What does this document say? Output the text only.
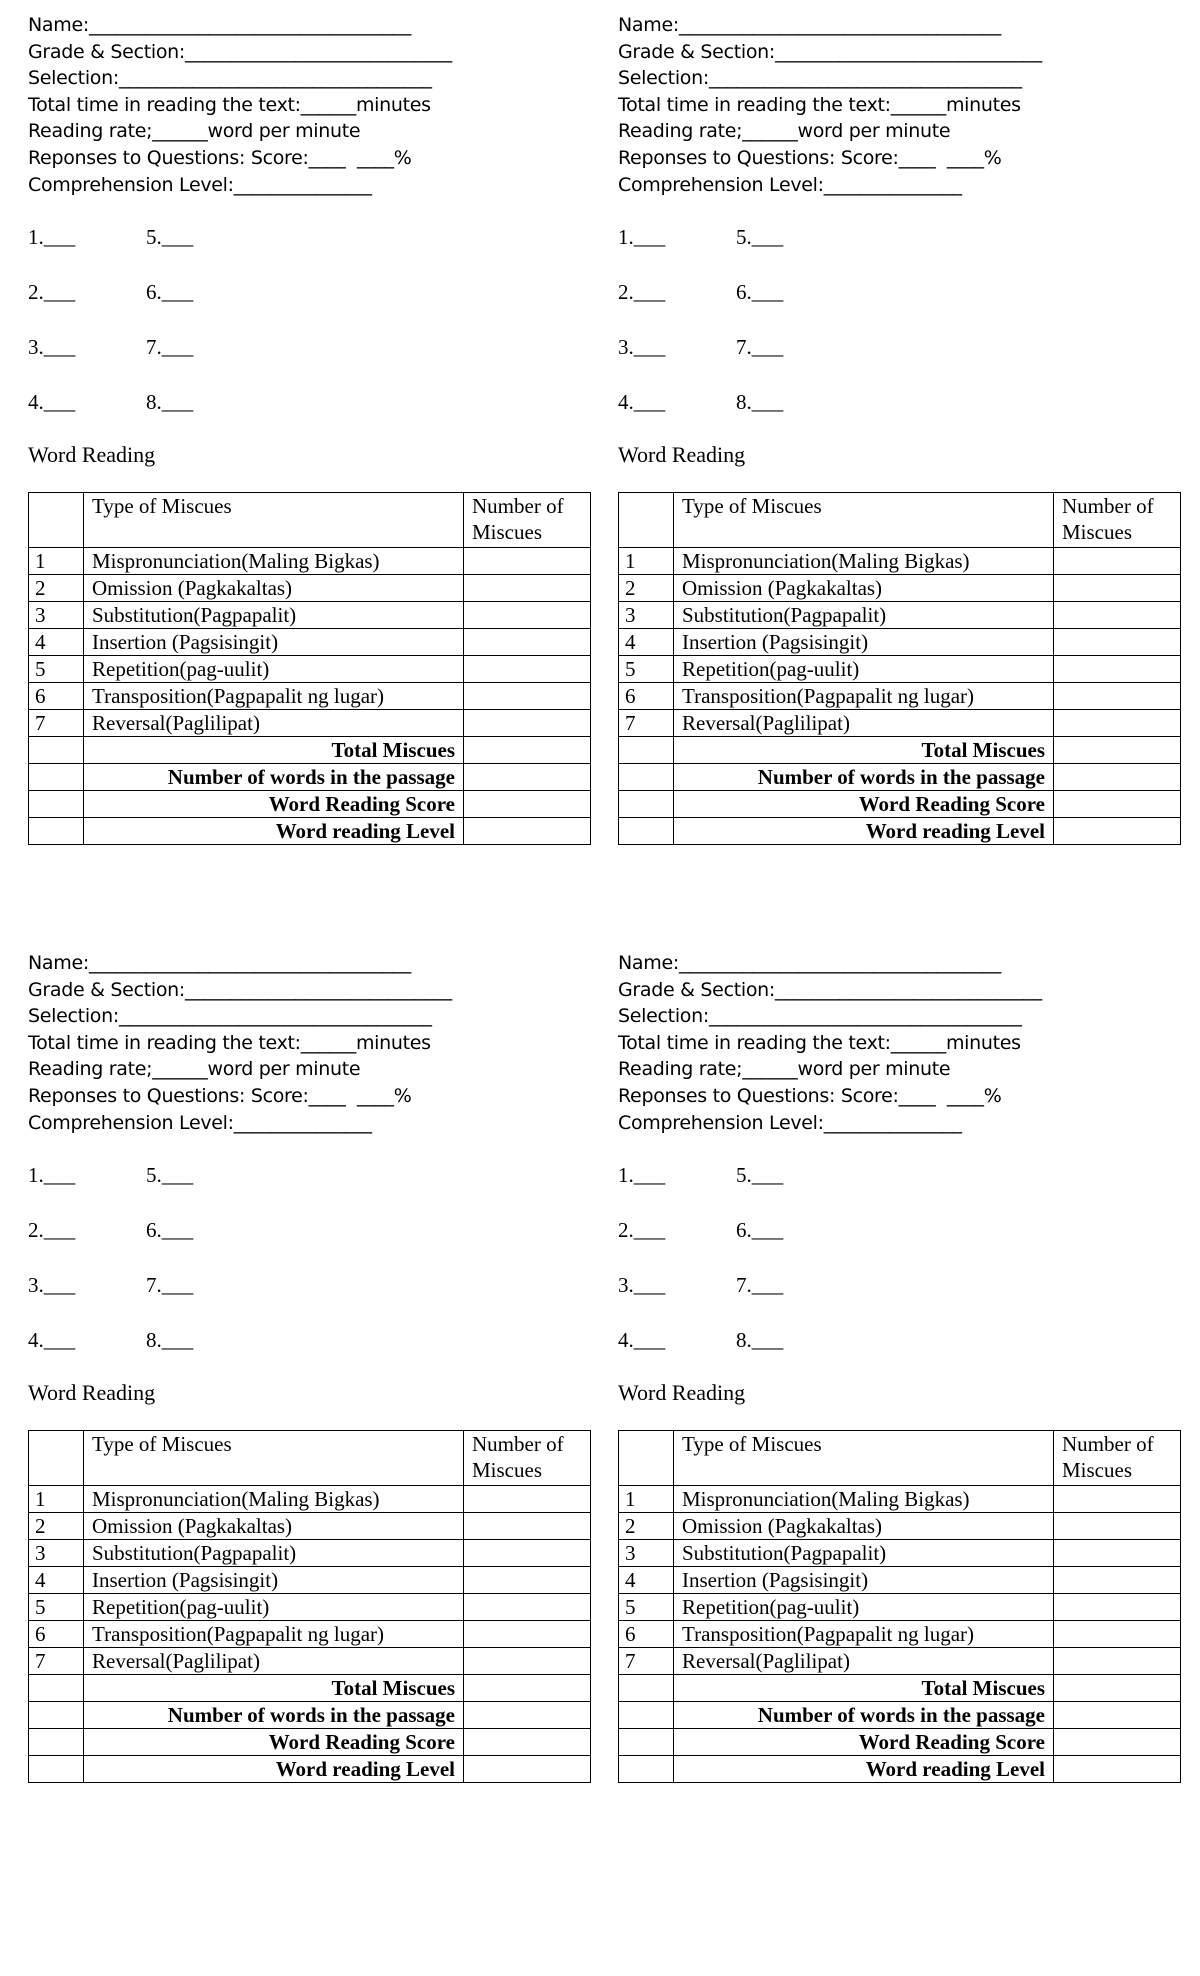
Name:___________________________________
Grade & Section:_____________________________
Selection:__________________________________
Total time in reading the text:______minutes
Reading rate;______word per minute
Reponses to Questions: Score:____  ____%
Comprehension Level:_______________
1.___	5.___
2.___	6.___
3.___	7.___
4.___	8.___
Word Reading
	Type of Miscues	Number of Miscues
1	Mispronunciation(Maling Bigkas)	
2	Omission (Pagkakaltas)	
3	Substitution(Pagpapalit)	
4	Insertion (Pagsisingit)	
5	Repetition(pag-uulit)	
6	Transposition(Pagpapalit ng lugar)	
7	Reversal(Paglilipat)	
	Total Miscues	
	Number of words in the passage	
	Word Reading Score	
	Word reading Level	
Name:___________________________________
Grade & Section:_____________________________
Selection:__________________________________
Total time in reading the text:______minutes
Reading rate;______word per minute
Reponses to Questions: Score:____  ____%
Comprehension Level:_______________
1.___	5.___
2.___	6.___
3.___	7.___
4.___	8.___
Word Reading
	Type of Miscues	Number of Miscues
1	Mispronunciation(Maling Bigkas)	
2	Omission (Pagkakaltas)	
3	Substitution(Pagpapalit)	
4	Insertion (Pagsisingit)	
5	Repetition(pag-uulit)	
6	Transposition(Pagpapalit ng lugar)	
7	Reversal(Paglilipat)	
	Total Miscues	
	Number of words in the passage	
	Word Reading Score	
	Word reading Level	
Name:___________________________________
Grade & Section:_____________________________
Selection:__________________________________
Total time in reading the text:______minutes
Reading rate;______word per minute
Reponses to Questions: Score:____  ____%
Comprehension Level:_______________
1.___	5.___
2.___	6.___
3.___	7.___
4.___	8.___
Word Reading
	Type of Miscues	Number of Miscues
1	Mispronunciation(Maling Bigkas)	
2	Omission (Pagkakaltas)	
3	Substitution(Pagpapalit)	
4	Insertion (Pagsisingit)	
5	Repetition(pag-uulit)	
6	Transposition(Pagpapalit ng lugar)	
7	Reversal(Paglilipat)	
	Total Miscues	
	Number of words in the passage	
	Word Reading Score	
	Word reading Level	
Name:___________________________________
Grade & Section:_____________________________
Selection:__________________________________
Total time in reading the text:______minutes
Reading rate;______word per minute
Reponses to Questions: Score:____  ____%
Comprehension Level:_______________
1.___	5.___
2.___	6.___
3.___	7.___
4.___	8.___
Word Reading
	Type of Miscues	Number of Miscues
1	Mispronunciation(Maling Bigkas)	
2	Omission (Pagkakaltas)	
3	Substitution(Pagpapalit)	
4	Insertion (Pagsisingit)	
5	Repetition(pag-uulit)	
6	Transposition(Pagpapalit ng lugar)	
7	Reversal(Paglilipat)	
	Total Miscues	
	Number of words in the passage	
	Word Reading Score	
	Word reading Level	
